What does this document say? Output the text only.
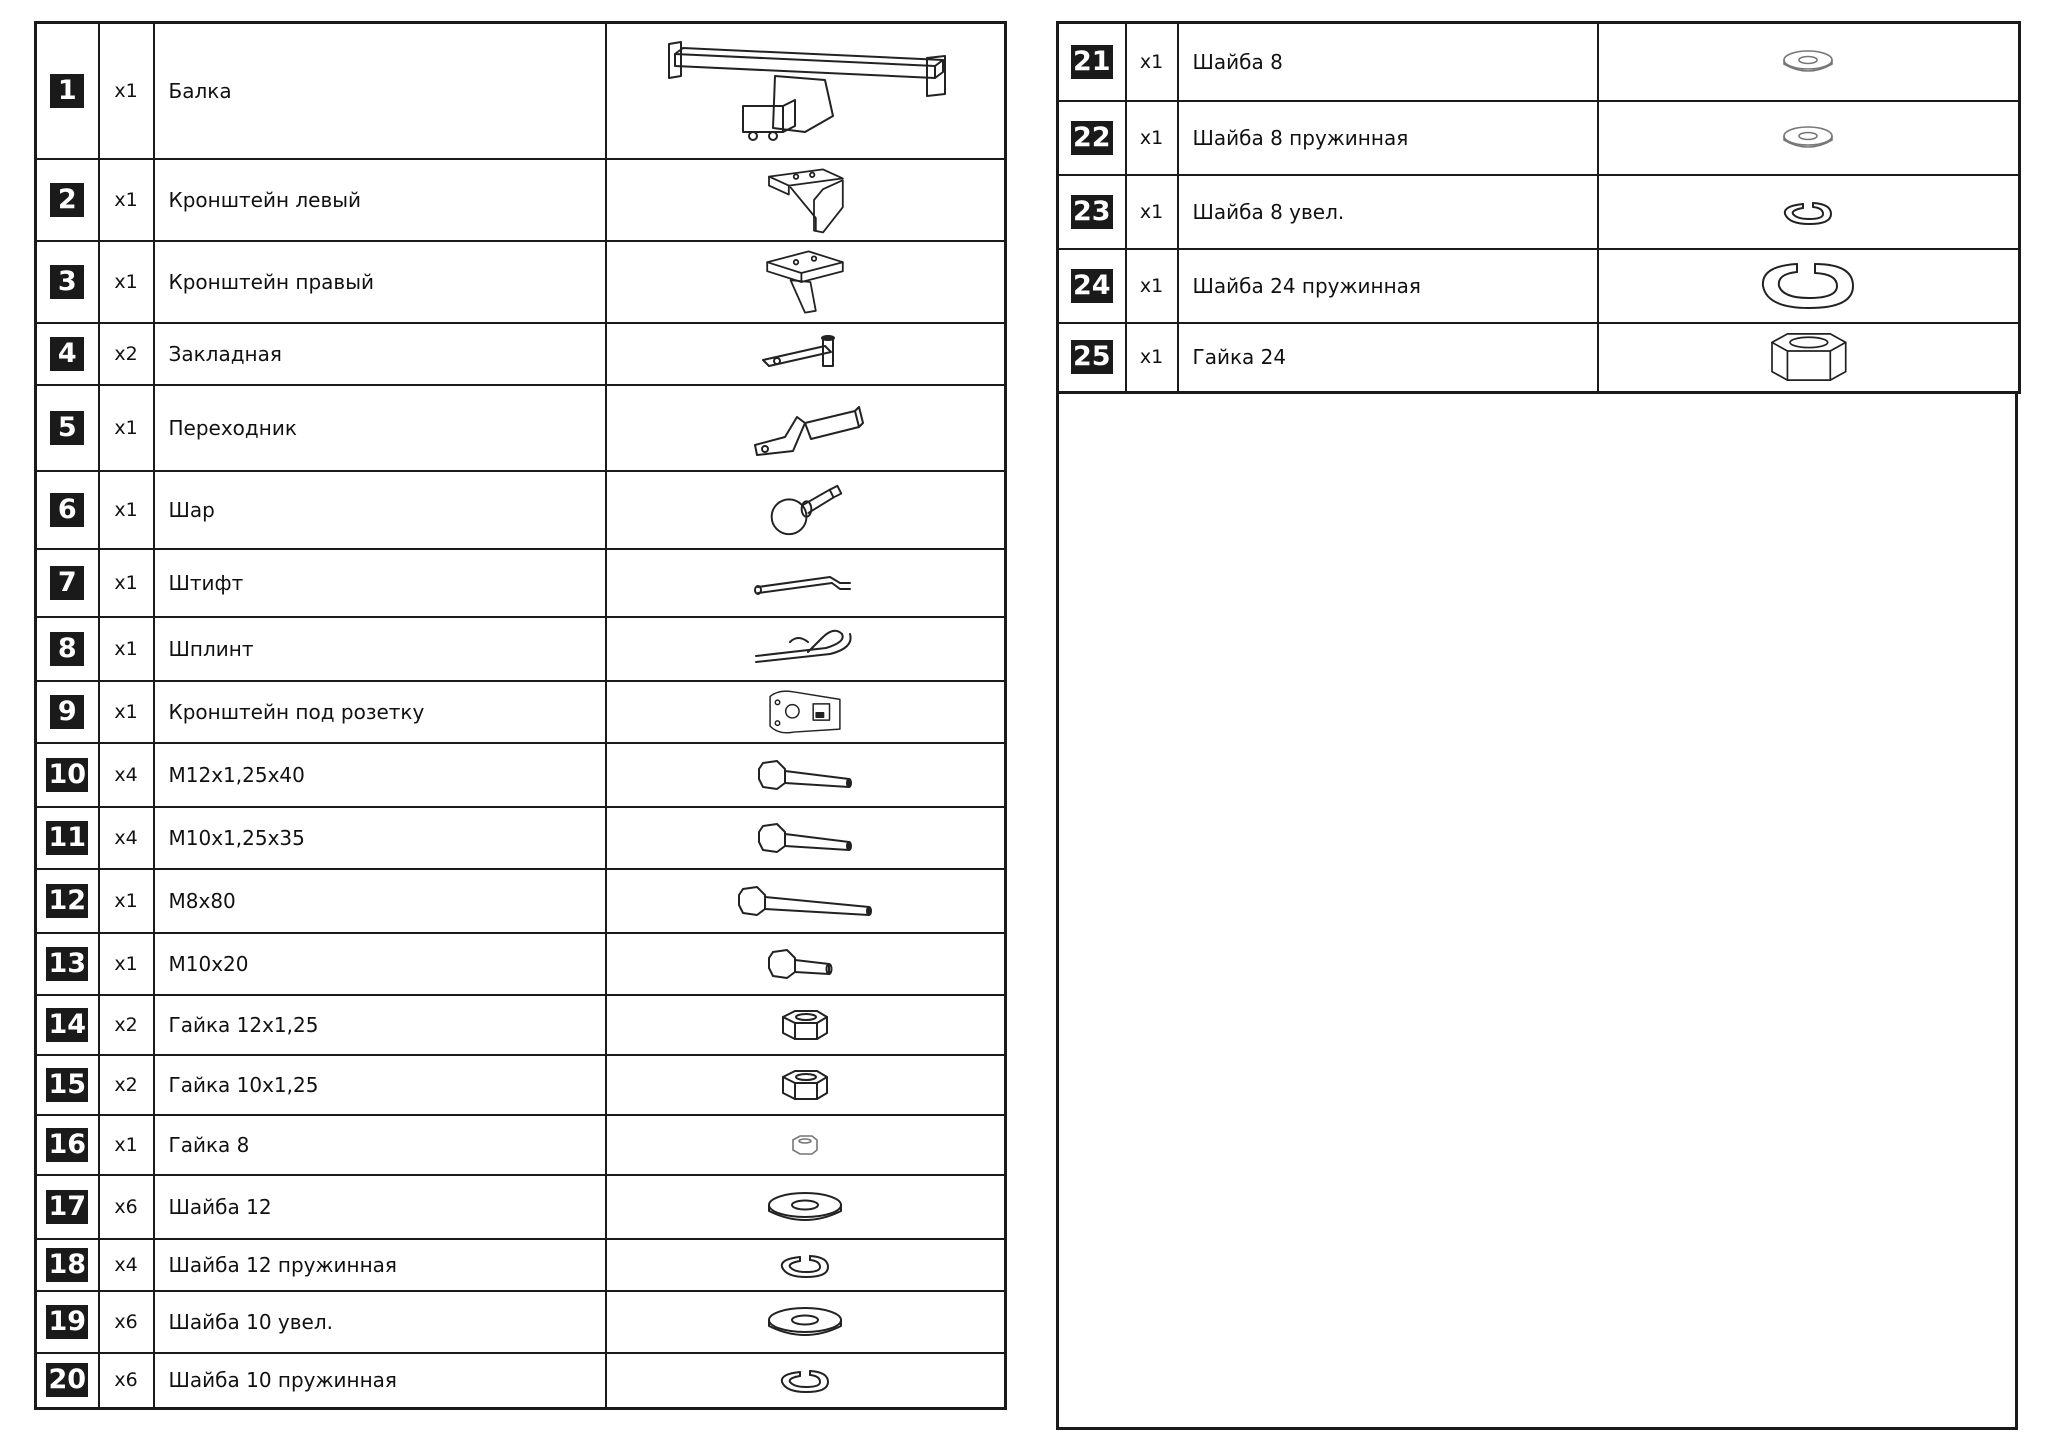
1	x1	Балка	

2	x1	Кронштейн левый	

3	x1	Кронштейн правый	

4	x2	Закладная	

5	x1	Переходник	

6	x1	Шар	

7	x1	Штифт	

8	x1	Шплинт	

9	x1	Кронштейн под розетку	

10	x4	М12х1,25х40	

11	x4	М10х1,25х35	

12	x1	М8х80	

13	x1	М10х20	

14	x2	Гайка 12х1,25	

15	x2	Гайка 10х1,25	

16	x1	Гайка 8	

17	x6	Шайба 12	

18	x4	Шайба 12 пружинная	

19	x6	Шайба 10 увел.	

20	x6	Шайба 10 пружинная	
21	x1	Шайба 8	

22	x1	Шайба 8 пружинная	

23	x1	Шайба 8 увел.	

24	x1	Шайба 24 пружинная	

25	x1	Гайка 24	
